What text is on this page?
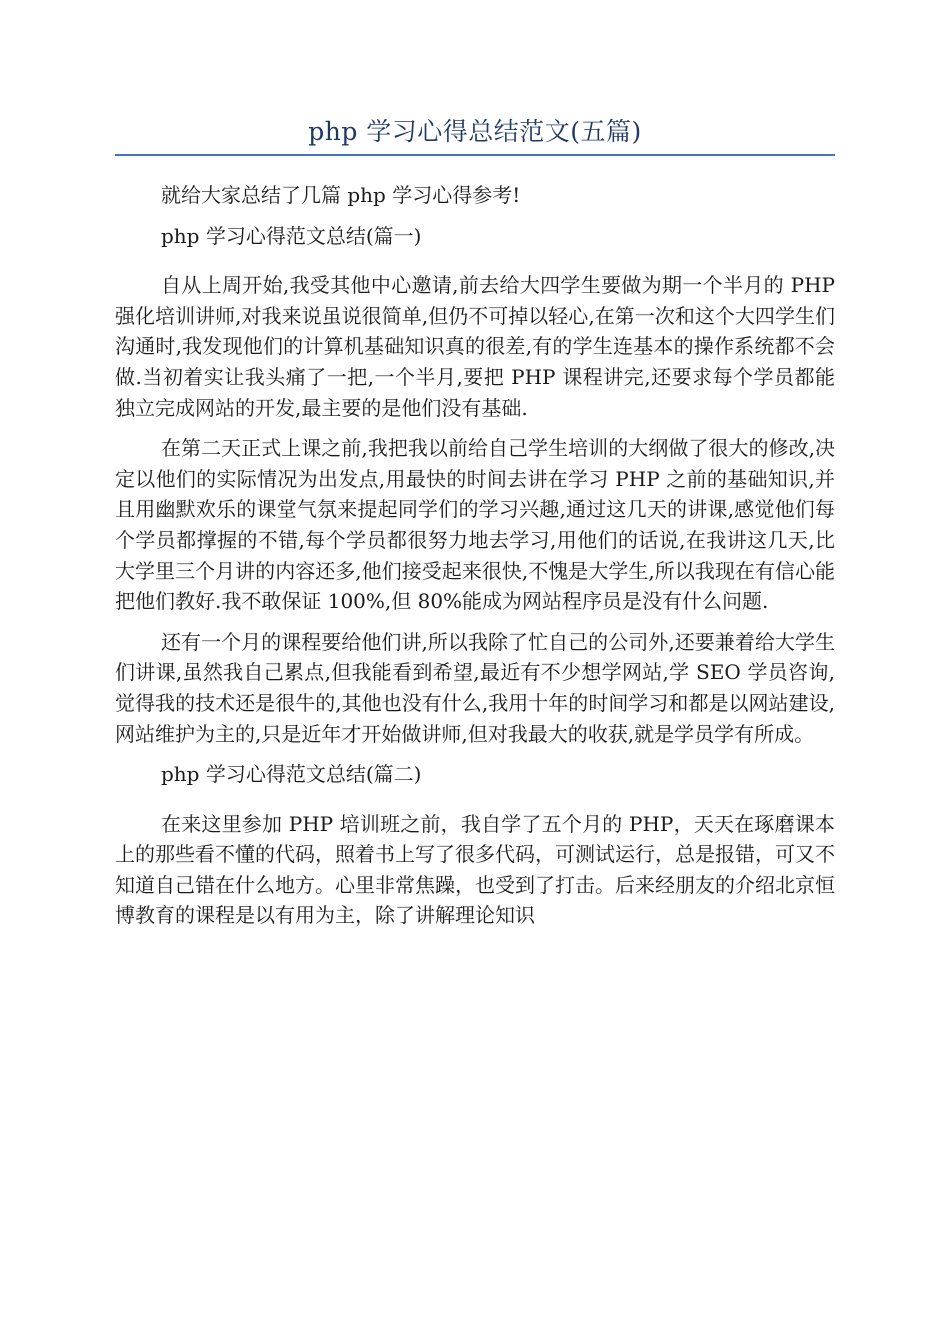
php 学习心得总结范文(五篇)

就给大家总结了几篇 php 学习心得参考!

php 学习心得范文总结(篇一)

自从上周开始,我受其他中心邀请,前去给大四学生要做为期一个半月的 PHP 强化培训讲师,对我来说虽说很简单,但仍不可掉以轻心,在第一次和这个大四学生们沟通时,我发现他们的计算机基础知识真的很差,有的学生连基本的操作系统都不会做.当初着实让我头痛了一把,一个半月,要把 PHP 课程讲完,还要求每个学员都能独立完成网站的开发,最主要的是他们没有基础.

在第二天正式上课之前,我把我以前给自己学生培训的大纲做了很大的修改,决定以他们的实际情况为出发点,用最快的时间去讲在学习 PHP 之前的基础知识,并且用幽默欢乐的课堂气氛来提起同学们的学习兴趣,通过这几天的讲课,感觉他们每个学员都撑握的不错,每个学员都很努力地去学习,用他们的话说,在我讲这几天,比大学里三个月讲的内容还多,他们接受起来很快,不愧是大学生,所以我现在有信心能把他们教好.我不敢保证 100%,但 80%能成为网站程序员是没有什么问题.

还有一个月的课程要给他们讲,所以我除了忙自己的公司外,还要兼着给大学生们讲课,虽然我自己累点,但我能看到希望,最近有不少想学网站,学 SEO 学员咨询,觉得我的技术还是很牛的,其他也没有什么,我用十年的时间学习和都是以网站建设,网站维护为主的,只是近年才开始做讲师,但对我最大的收获,就是学员学有所成。

php 学习心得范文总结(篇二)

在来这里参加 PHP 培训班之前，我自学了五个月的 PHP，天天在琢磨课本上的那些看不懂的代码，照着书上写了很多代码，可测试运行，总是报错，可又不知道自己错在什么地方。心里非常焦躁，也受到了打击。后来经朋友的介绍北京恒博教育的课程是以有用为主，除了讲解理论知识
